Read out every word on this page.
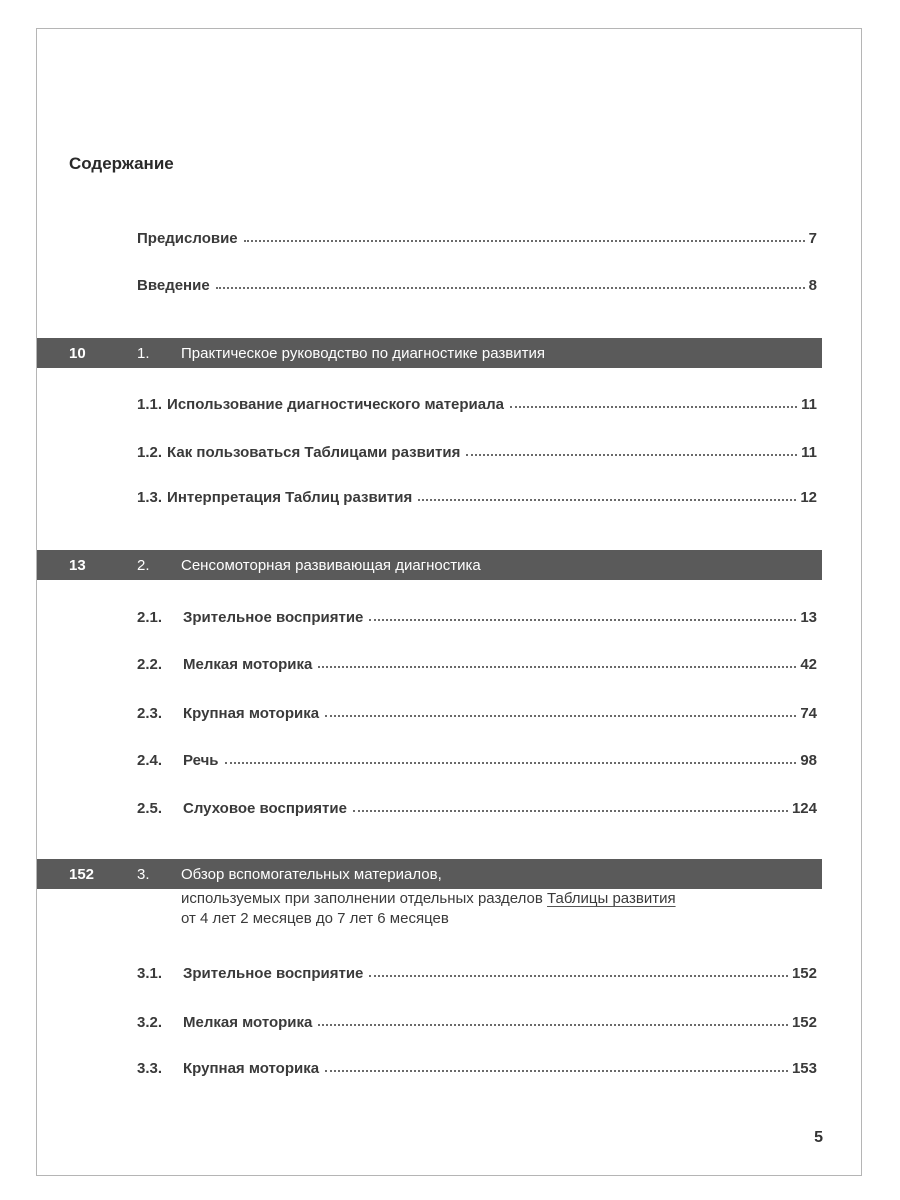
Содержание
Предисловие	7
Введение	8
10	1.	Практическое руководство по диагностике развития
1.1. Использование диагностического материала	11
1.2. Как пользоваться Таблицами развития	11
1.3. Интерпретация Таблиц развития	12
13	2.	Сенсомоторная развивающая диагностика
2.1.	Зрительное восприятие	13
2.2.	Мелкая моторика	42
2.3.	Крупная моторика	74
2.4.	Речь	98
2.5.	Слуховое восприятие	124
152	3.	Обзор вспомогательных материалов,
используемых при заполнении отдельных разделов Таблицы развития
от 4 лет 2 месяцев до 7 лет 6 месяцев
3.1.	Зрительное восприятие	152
3.2.	Мелкая моторика	152
3.3.	Крупная моторика	153
5
